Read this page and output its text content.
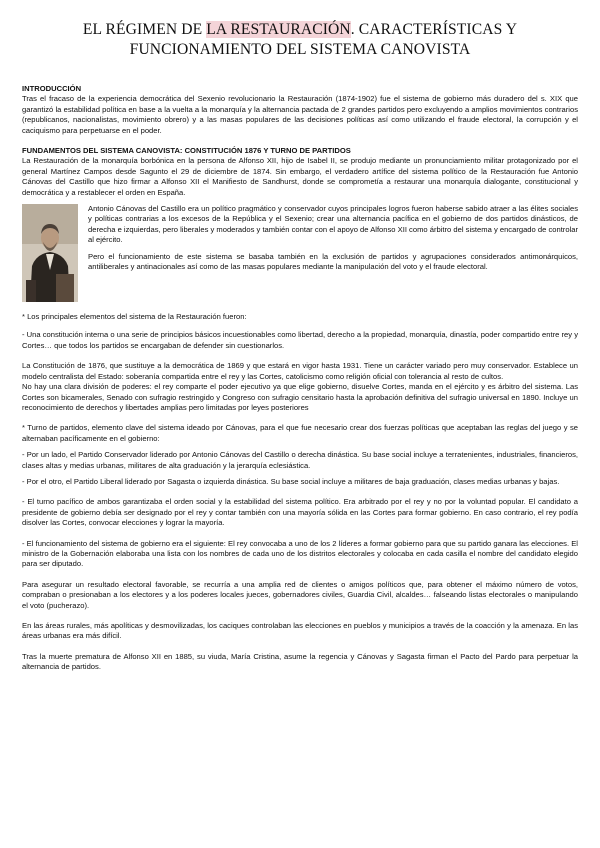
EL RÉGIMEN DE LA RESTAURACIÓN. CARACTERÍSTICAS Y
FUNCIONAMIENTO DEL SISTEMA CANOVISTA

INTRODUCCIÓN

Tras el fracaso de la experiencia democrática del Sexenio revolucionario la Restauración (1874-1902) fue el sistema de gobierno más duradero del s. XIX que garantizó la estabilidad política en base a la vuelta a la monarquía y la alternancia pactada de 2 grandes partidos pero excluyendo a amplios movimientos contrarios (republicanos, nacionalistas, movimiento obrero) y a las masas populares de las decisiones políticas así como utilizando el fraude electoral, la corrupción y el caciquismo para perpetuarse en el poder.

FUNDAMENTOS DEL SISTEMA CANOVISTA: CONSTITUCIÓN 1876 Y TURNO DE PARTIDOS

La Restauración de la monarquía borbónica en la persona de Alfonso XII, hijo de Isabel II, se produjo mediante un pronunciamiento militar protagonizado por el general Martínez Campos desde Sagunto el 29 de diciembre de 1874. Sin embargo, el verdadero artífice del sistema político de la Restauración fue Antonio Cánovas del Castillo que hizo firmar a Alfonso XII el Manifiesto de Sandhurst, donde se comprometía a restaurar una monarquía dialogante, constitucional y democrática y a restablecer el orden en España.

Antonio Cánovas del Castillo era un político pragmático y conservador cuyos principales logros fueron haberse sabido atraer a las élites sociales y políticas contrarias a los excesos de la República y el Sexenio; crear una alternancia pacífica en el gobierno de dos partidos dinásticos, de derecha e izquierdas, pero liberales y moderados y también contar con el apoyo de Alfonso XII como árbitro del sistema y encargado de controlar al ejército.

Pero el funcionamiento de este sistema se basaba también en la exclusión de partidos y agrupaciones considerados antimonárquicos, antiliberales y antinacionales así como de las masas populares mediante la manipulación del voto y el fraude electoral.

* Los principales elementos del sistema de la Restauración fueron:

- Una constitución interna o una serie de principios básicos incuestionables como libertad, derecho a la propiedad, monarquía, dinastía, poder compartido entre rey y Cortes… que todos los partidos se encargaban de defender sin cuestionarlos.

La Constitución de 1876, que sustituye a la democrática de 1869 y que estará en vigor hasta 1931. Tiene un carácter variado pero muy conservador. Establece un modelo centralista del Estado: soberanía compartida entre el rey y las Cortes, catolicismo como religión oficial con tolerancia al resto de cultos.

No hay una clara división de poderes: el rey comparte el poder ejecutivo ya que elige gobierno, disuelve Cortes, manda en el ejército y es árbitro del sistema. Las Cortes son bicamerales, Senado con sufragio restringido y Congreso con sufragio censitario hasta la aprobación definitiva del sufragio universal en 1890. Incluye un reconocimiento de derechos y libertades amplias pero limitadas por leyes posteriores

* Turno de partidos, elemento clave del sistema ideado por Cánovas, para el que fue necesario crear dos fuerzas políticas que aceptaban las reglas del juego y se alternaban pacíficamente en el gobierno:

- Por un lado, el Partido Conservador liderado por Antonio Cánovas del Castillo o derecha dinástica. Su base social incluye a terratenientes, industriales, financieros, clases altas y medias urbanas, militares de alta graduación y la jerarquía eclesiástica.

- Por el otro, el Partido Liberal liderado por Sagasta o izquierda dinástica. Su base social incluye a militares de baja graduación, clases medias urbanas y bajas.

- El turno pacífico de ambos garantizaba el orden social y la estabilidad del sistema político. Era arbitrado por el rey y no por la voluntad popular. El candidato a presidente de gobierno debía ser designado por el rey y contar también con una mayoría sólida en las Cortes para formar gobierno. En caso contrario, el rey podía disolver las Cortes, convocar elecciones y lograr la mayoría.

- El funcionamiento del sistema de gobierno era el siguiente: El rey convocaba a uno de los 2 líderes a formar gobierno para que su partido ganara las elecciones. El ministro de la Gobernación elaboraba una lista con los nombres de cada uno de los distritos electorales y colocaba en cada casilla el nombre del candidato elegido para ser diputado.

Para asegurar un resultado electoral favorable, se recurría a una amplia red de clientes o amigos políticos que, para obtener el máximo número de votos, compraban o presionaban a los electores y a los poderes locales jueces, gobernadores civiles, Guardia Civil, alcaldes… falseando listas electorales o manipulando el voto (pucherazo).

En las áreas rurales, más apolíticas y desmovilizadas, los caciques controlaban las elecciones en pueblos y municipios a través de la coacción y la amenaza. En las áreas urbanas era más difícil.

Tras la muerte prematura de Alfonso XII en 1885, su viuda, María Cristina, asume la regencia y Cánovas y Sagasta firman el Pacto del Pardo para perpetuar la alternancia de partidos.
